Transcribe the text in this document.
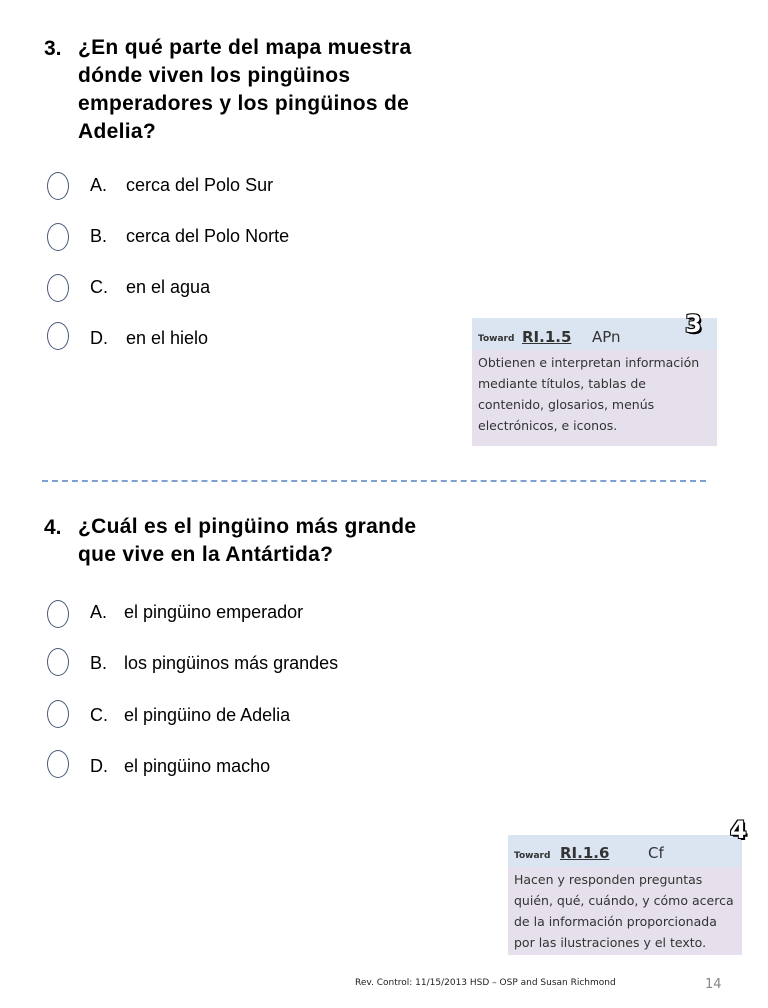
3. ¿En qué parte del mapa muestra
dónde viven los pingüinos
emperadores y los pingüinos de
Adelia?
A. cerca del Polo Sur
B. cerca del Polo Norte
C. en el agua
D. en el hielo	Toward RI.1.5 APn
Obtienen e interpretan información mediante títulos, tablas de contenido, glosarios, menús electrónicos, e iconos.
3
4. ¿Cuál es el pingüino más grande
que vive en la Antártida?
A. el pingüino emperador
B. los pingüinos más grandes
C. el pingüino de Adelia
D. el pingüino macho
Toward RI.1.6	Cf
Hacen y responden preguntas quién, qué, cuándo, y cómo acerca de la información proporcionada por las ilustraciones y el texto.
4
Rev. Control: 11/15/2013 HSD – OSP and Susan Richmond	14
